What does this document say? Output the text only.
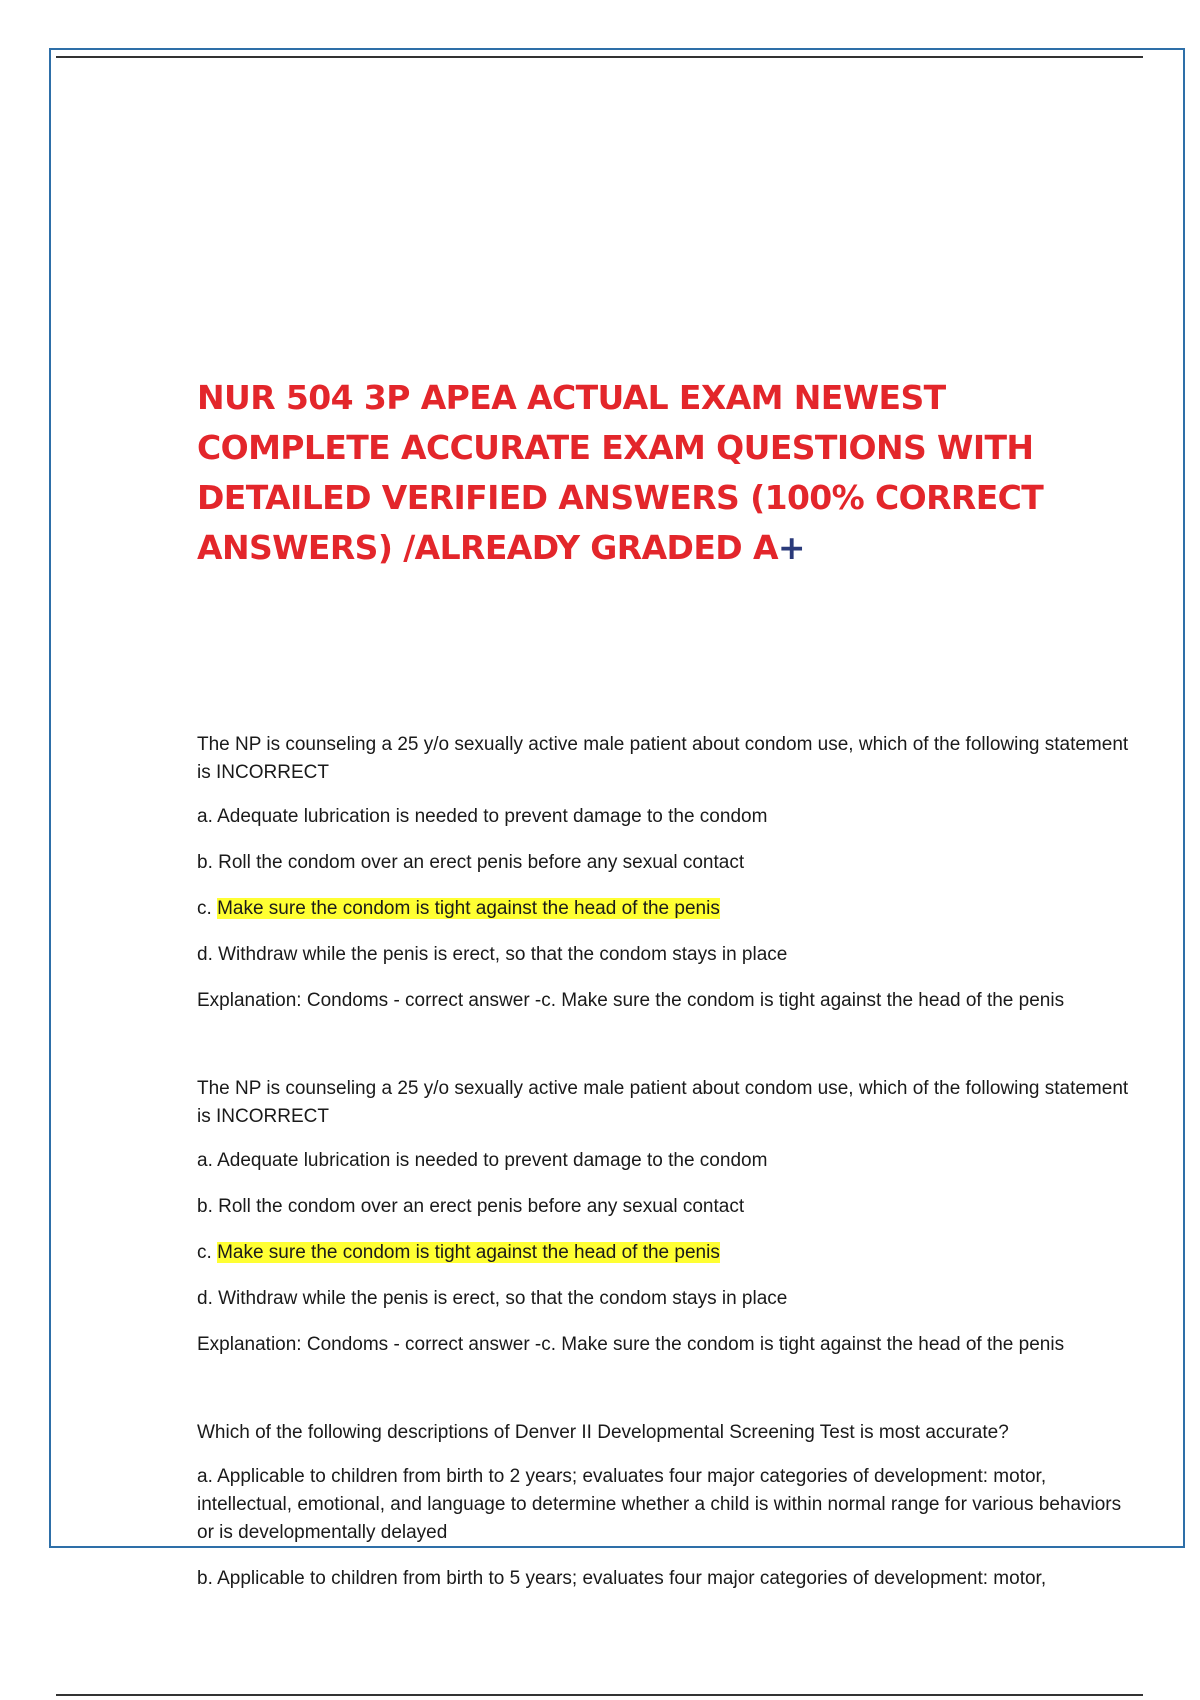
NUR 504 3P APEA ACTUAL EXAM NEWEST COMPLETE ACCURATE EXAM QUESTIONS WITH DETAILED VERIFIED ANSWERS (100% CORRECT ANSWERS) /ALREADY GRADED A+

The NP is counseling a 25 y/o sexually active male patient about condom use, which of the following statement is INCORRECT

a. Adequate lubrication is needed to prevent damage to the condom

b. Roll the condom over an erect penis before any sexual contact

c. Make sure the condom is tight against the head of the penis

d. Withdraw while the penis is erect, so that the condom stays in place

Explanation: Condoms - correct answer -c. Make sure the condom is tight against the head of the penis

The NP is counseling a 25 y/o sexually active male patient about condom use, which of the following statement is INCORRECT

a. Adequate lubrication is needed to prevent damage to the condom

b. Roll the condom over an erect penis before any sexual contact

c. Make sure the condom is tight against the head of the penis

d. Withdraw while the penis is erect, so that the condom stays in place

Explanation: Condoms - correct answer -c. Make sure the condom is tight against the head of the penis

Which of the following descriptions of Denver II Developmental Screening Test is most accurate?

a. Applicable to children from birth to 2 years; evaluates four major categories of development: motor, intellectual, emotional, and language to determine whether a child is within normal range for various behaviors or is developmentally delayed

b. Applicable to children from birth to 5 years; evaluates four major categories of development: motor,
